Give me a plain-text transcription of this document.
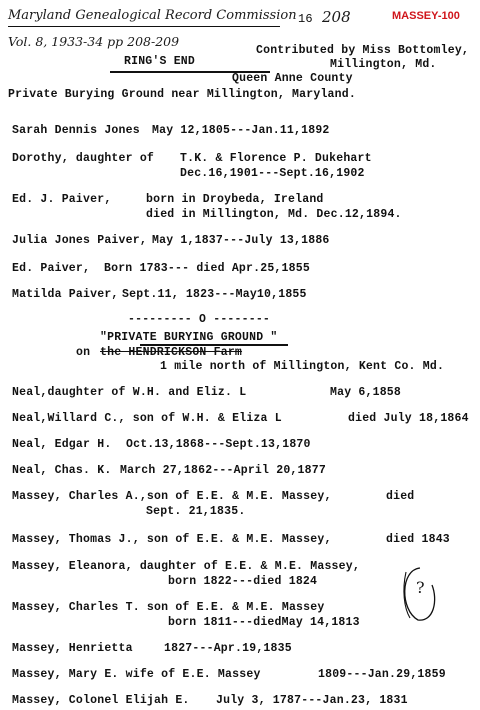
Maryland Genealogical Record Commission
Vol. 8, 1933-34 pp 208-209
16 208	MASSEY-100
Contributed by Miss Bottomley,
Millington, Md.
RING'S END
Queen Anne County
Private Burying Ground near Millington, Maryland.
Sarah Dennis Jones May 12,1805---Jan.11,1892
Dorothy, daughter of T.K. & Florence P. Dukehart
Dec.16,1901---Sept.16,1902
Ed. J. Paiver,	born in Droybeda, Ireland
died in Millington, Md. Dec.12,1894.
Julia Jones Paiver, May 1,1837---July 13,1886
Ed. Paiver, Born 1783--- died Apr.25,1855
Matilda Paiver, Sept.11, 1823---May10,1855
--------- O --------
"PRIVATE BURYING GROUND "
on the HENDRICKSON Farm
1 mile north of Millington, Kent Co. Md.
Neal,daughter of W.H. and Eliz. L	May 6,1858
Neal,Willard C., son of W.H. & Eliza L	died July 18,1864
Neal, Edgar H. Oct.13,1868---Sept.13,1870
Neal, Chas. K. March 27,1862---April 20,1877
Massey, Charles A.,son of E.E. & M.E. Massey,	died
Sept. 21,1835.
Massey, Thomas J., son of E.E. & M.E. Massey,	died 1843
Massey, Eleanora, daughter of E.E. & M.E. Massey,
born 1822---died 1824
Massey, Charles T. son of E.E. & M.E. Massey
born 1811---diedMay 14,1813
Massey, Henrietta	1827---Apr.19,1835
Massey, Mary E. wife of E.E. Massey	1809---Jan.29,1859
Massey, Colonel Elijah E. July 3, 1787---Jan.23, 1831
?
